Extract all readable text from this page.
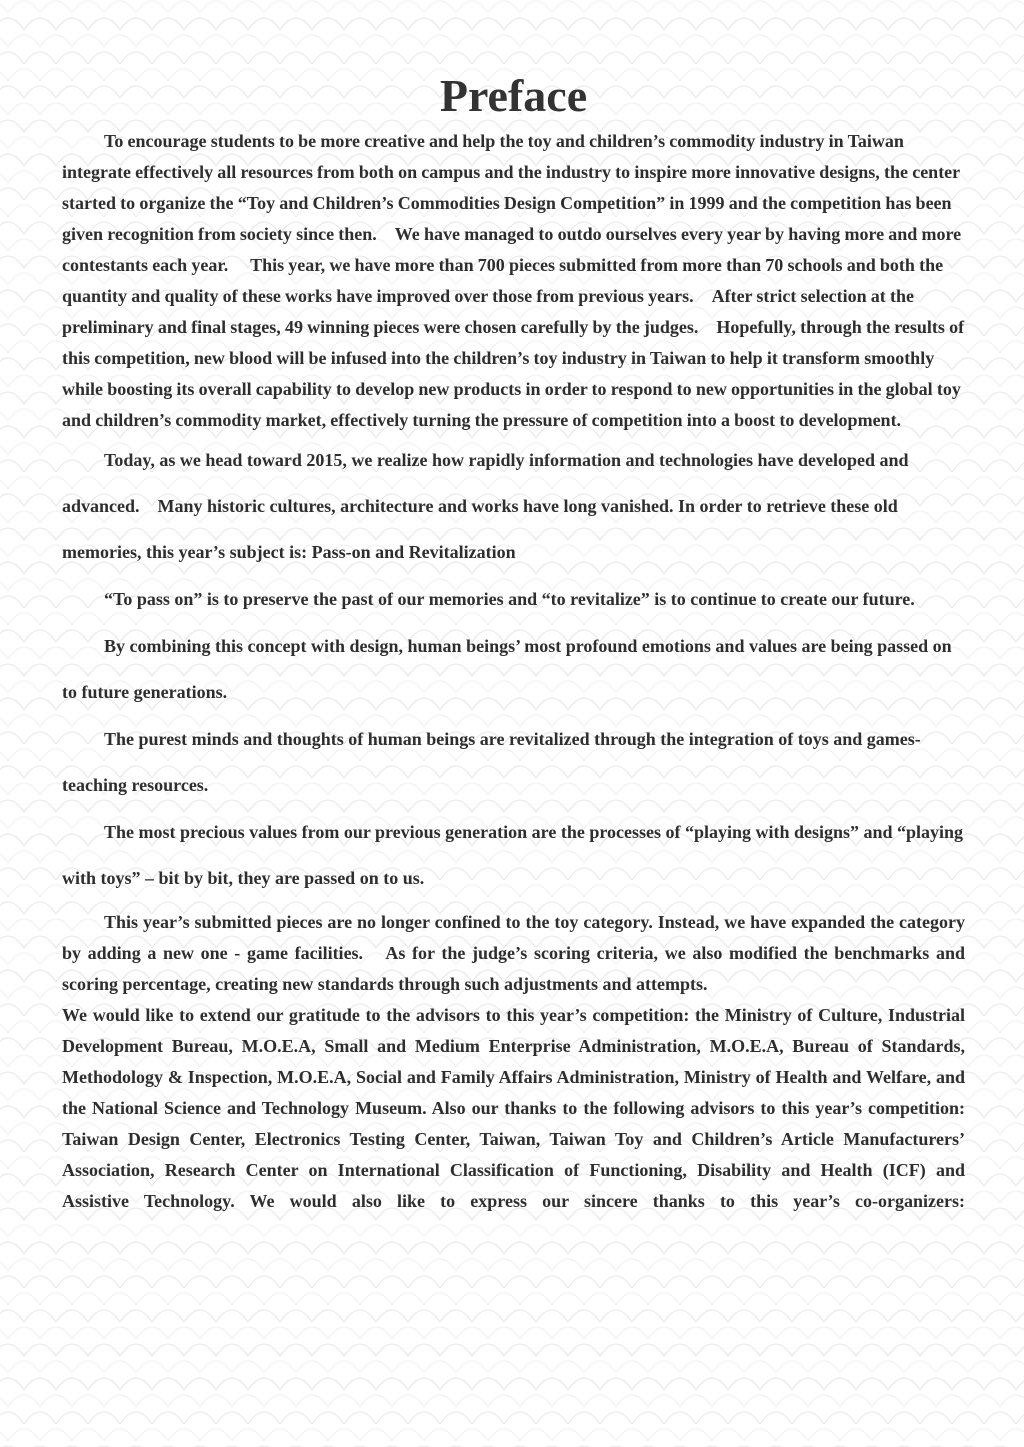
Preface

To encourage students to be more creative and help the toy and children’s commodity industry in Taiwan integrate effectively all resources from both on campus and the industry to inspire more innovative designs, the center started to organize the “Toy and Children’s Commodities Design Competition” in 1999 and the competition has been given recognition from society since then.　We have managed to outdo ourselves every year by having more and more contestants each year.　 This year, we have more than 700 pieces submitted from more than 70 schools and both the quantity and quality of these works have improved over those from previous years.　After strict selection at the preliminary and final stages, 49 winning pieces were chosen carefully by the judges.　Hopefully, through the results of this competition, new blood will be infused into the children’s toy industry in Taiwan to help it transform smoothly while boosting its overall capability to develop new products in order to respond to new opportunities in the global toy and children’s commodity market, effectively turning the pressure of competition into a boost to development.

Today, as we head toward 2015, we realize how rapidly information and technologies have developed and advanced.　Many historic cultures, architecture and works have long vanished. In order to retrieve these old memories, this year’s subject is: Pass-on and Revitalization

“To pass on” is to preserve the past of our memories and “to revitalize” is to continue to create our future.

By combining this concept with design, human beings’ most profound emotions and values are being passed on to future generations.

The purest minds and thoughts of human beings are revitalized through the integration of toys and games-teaching resources.

The most precious values from our previous generation are the processes of “playing with designs” and “playing with toys” – bit by bit, they are passed on to us.

This year’s submitted pieces are no longer confined to the toy category. Instead, we have expanded the category by adding a new one - game facilities.　As for the judge’s scoring criteria, we also modified the benchmarks and scoring percentage, creating new standards through such adjustments and attempts.

We would like to extend our gratitude to the advisors to this year’s competition: the Ministry of Culture, Industrial Development Bureau, M.O.E.A, Small and Medium Enterprise Administration, M.O.E.A, Bureau of Standards, Methodology & Inspection, M.O.E.A, Social and Family Affairs Administration, Ministry of Health and Welfare, and the National Science and Technology Museum. Also our thanks to the following advisors to this year’s competition: Taiwan Design Center, Electronics Testing Center, Taiwan, Taiwan Toy and Children’s Article Manufacturers’ Association, Research Center on International Classification of Functioning, Disability and Health (ICF) and Assistive Technology. We would also like to express our sincere thanks to this year’s co-organizers:
